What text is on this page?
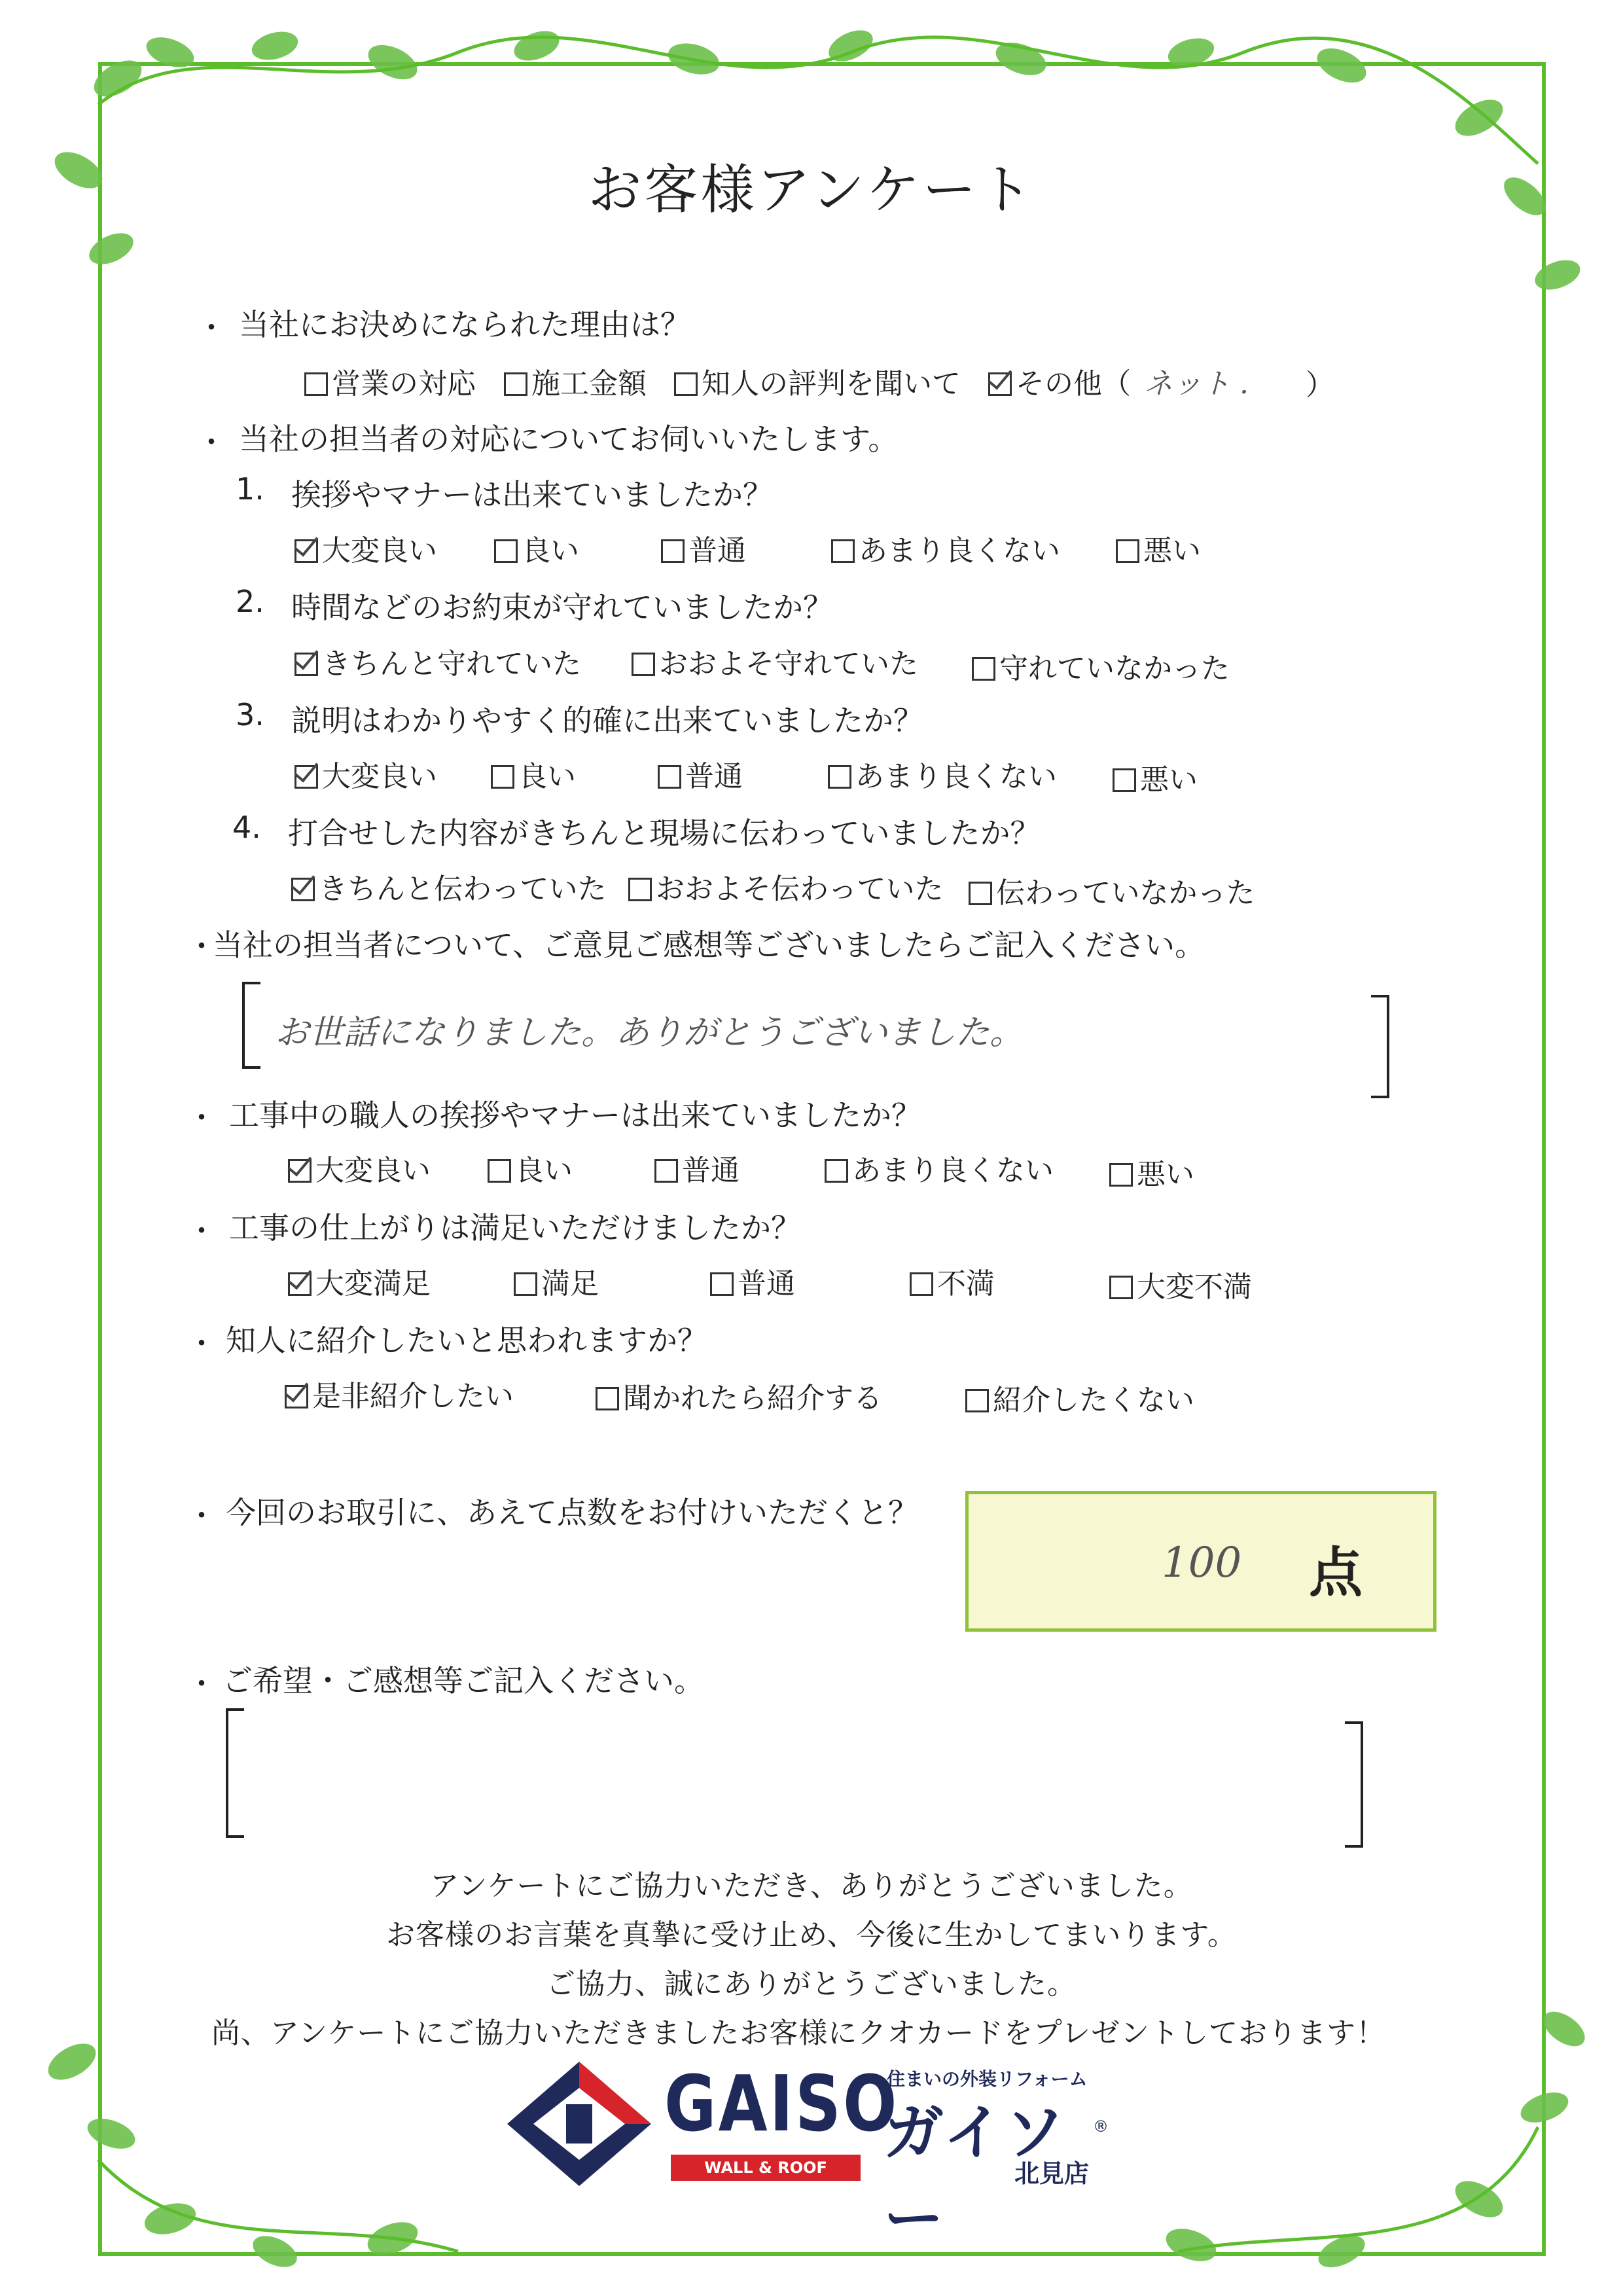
お客様アンケート
・ 当社にお決めになられた理由は？
営業の対応	施工金額	知人の評判を聞いて	その他（ ネット . ）
・ 当社の担当者の対応についてお伺いいたします。
1. 挨拶やマナーは出来ていましたか？
大変良い	良い	普通	あまり良くない	悪い
2. 時間などのお約束が守れていましたか？
きちんと守れていた	おおよそ守れていた	守れていなかった
3. 説明はわかりやすく的確に出来ていましたか？
大変良い	良い	普通	あまり良くない	悪い
4. 打合せした内容がきちんと現場に伝わっていましたか？
きちんと伝わっていた	おおよそ伝わっていた	伝わっていなかった
・
当社の担当者について、ご意見ご感想等ございましたらご記入ください。
お世話になりました。ありがとうございました。
・ 工事中の職人の挨拶やマナーは出来ていましたか？
大変良い	良い	普通	あまり良くない	悪い
・ 工事の仕上がりは満足いただけましたか？
大変満足	満足	普通	不満	大変不満
・ 知人に紹介したいと思われますか？
是非紹介したい	聞かれたら紹介する	紹介したくない
・ 今回のお取引に、あえて点数をお付けいただくと？
100 点
・ ご希望・ご感想等ご記入ください。
アンケートにご協力いただき、ありがとうございました。
お客様のお言葉を真摯に受け止め、今後に生かしてまいります。
ご協力、誠にありがとうございました。
尚、アンケートにご協力いただきましたお客様にクオカードをプレゼントしております！
GAISO
WALL & ROOF REFORM
住まいの外装リフォーム
ガイソー
®
北見店
